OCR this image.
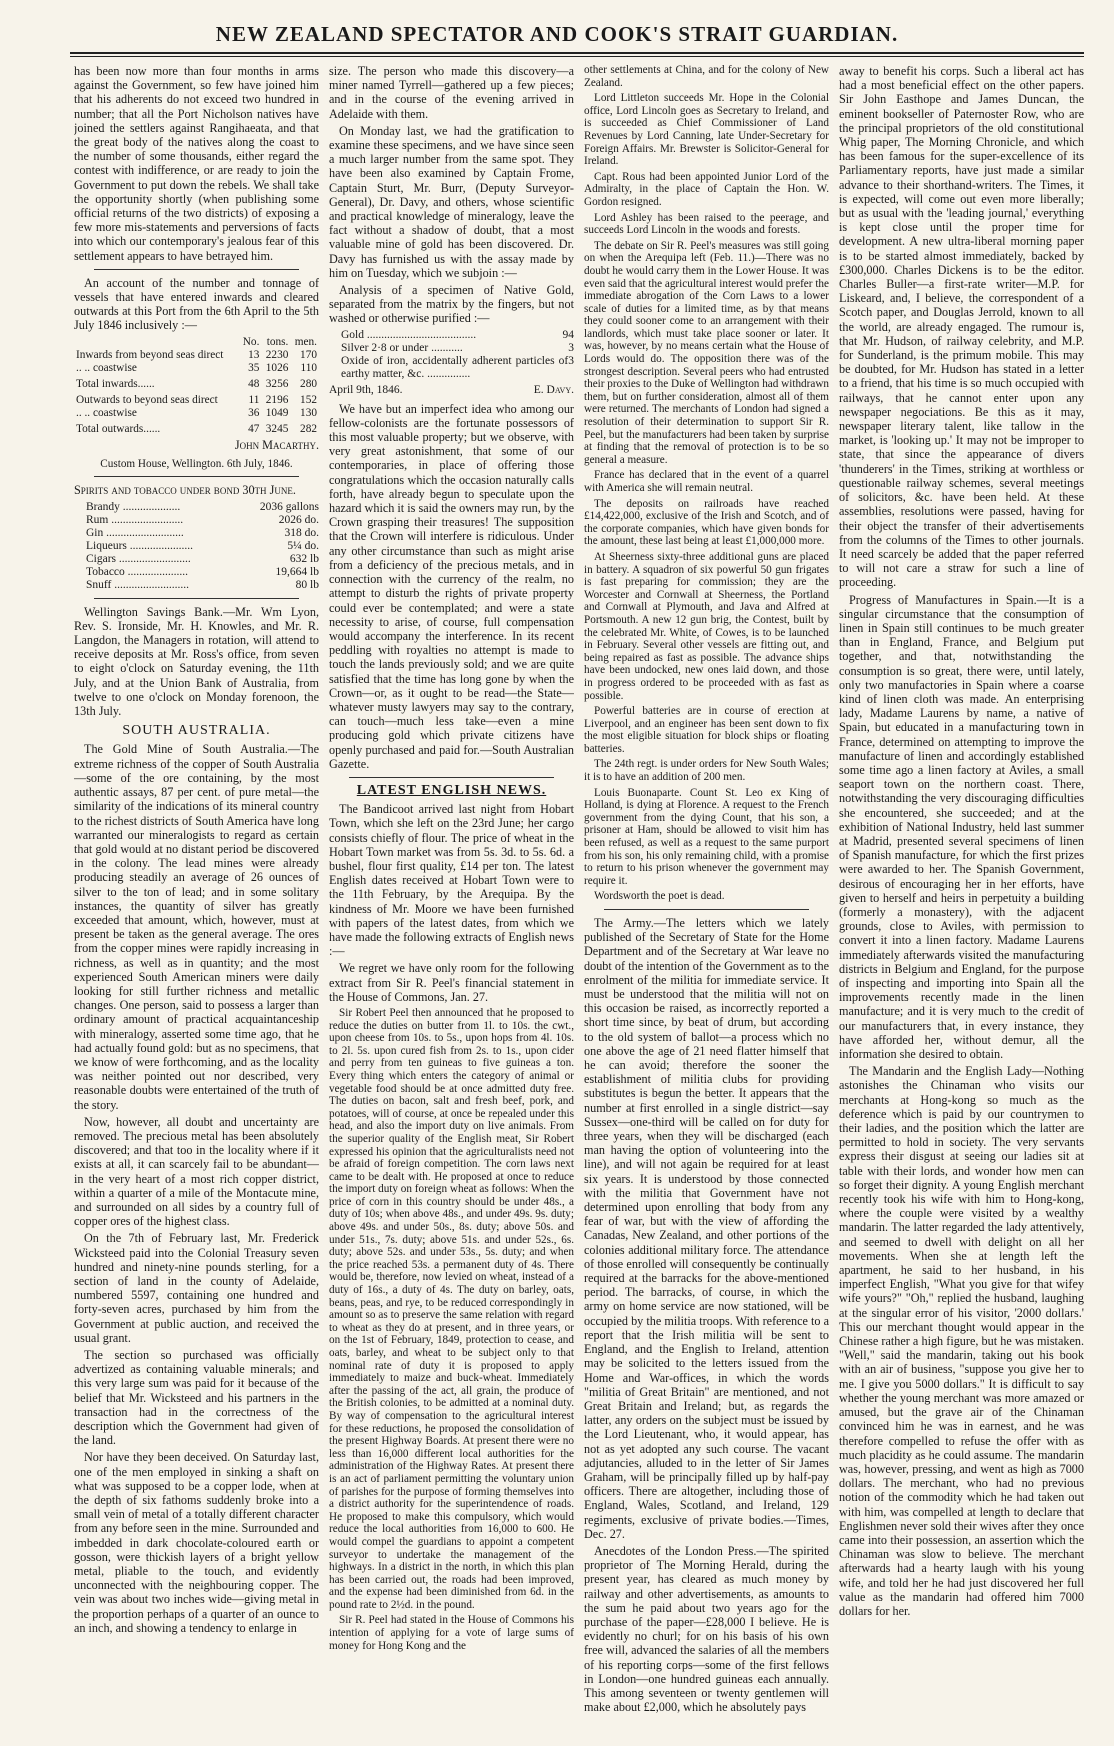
NEW ZEALAND SPECTATOR AND COOK'S STRAIT GUARDIAN.

has been now more than four months in arms against the Government, so few have joined him that his adherents do not exceed two hundred in number; that all the Port Nicholson natives have joined the settlers against Rangihaeata, and that the great body of the natives along the coast to the number of some thousands, either regard the contest with indifference, or are ready to join the Government to put down the rebels. We shall take the opportunity shortly (when publishing some official returns of the two districts) of exposing a few more mis-statements and perversions of facts into which our contemporary's jealous fear of this settlement appears to have betrayed him.

An account of the number and tonnage of vessels that have entered inwards and cleared outwards at this Port from the 6th April to the 5th July 1846 inclusively :—

	No.	tons.	men.
Inwards from beyond seas direct	13	2230	170
.. .. coastwise	35	1026	110
Total inwards......	48	3256	280
Outwards to beyond seas direct	11	2196	152
.. .. coastwise	36	1049	130
Total outwards......	47	3245	282
John Macarthy.
Custom House, Wellington. 6th July, 1846.

Spirits and tobacco under bond 30th June.

Brandy ....................	2036 gallons
Rum .........................	2026 do.
Gin ...........................	318 do.
Liqueurs ......................	5¼ do.
Cigars .........................	632 lb
Tobacco .....................	19,664 lb
Snuff ..........................	80 lb

Wellington Savings Bank.—Mr. Wm Lyon, Rev. S. Ironside, Mr. H. Knowles, and Mr. R. Langdon, the Managers in rotation, will attend to receive deposits at Mr. Ross's office, from seven to eight o'clock on Saturday evening, the 11th July, and at the Union Bank of Australia, from twelve to one o'clock on Monday forenoon, the 13th July.

SOUTH AUSTRALIA.

The Gold Mine of South Australia.—The extreme richness of the copper of South Australia—some of the ore containing, by the most authentic assays, 87 per cent. of pure metal—the similarity of the indications of its mineral country to the richest districts of South America have long warranted our mineralogists to regard as certain that gold would at no distant period be discovered in the colony. The lead mines were already producing steadily an average of 26 ounces of silver to the ton of lead; and in some solitary instances, the quantity of silver has greatly exceeded that amount, which, however, must at present be taken as the general average. The ores from the copper mines were rapidly increasing in richness, as well as in quantity; and the most experienced South American miners were daily looking for still further richness and metallic changes. One person, said to possess a larger than ordinary amount of practical acquaintanceship with mineralogy, asserted some time ago, that he had actually found gold: but as no specimens, that we know of were forthcoming, and as the locality was neither pointed out nor described, very reasonable doubts were entertained of the truth of the story.

Now, however, all doubt and uncertainty are removed. The precious metal has been absolutely discovered; and that too in the locality where if it exists at all, it can scarcely fail to be abundant—in the very heart of a most rich copper district, within a quarter of a mile of the Montacute mine, and surrounded on all sides by a country full of copper ores of the highest class.

On the 7th of February last, Mr. Frederick Wicksteed paid into the Colonial Treasury seven hundred and ninety-nine pounds sterling, for a section of land in the county of Adelaide, numbered 5597, containing one hundred and forty-seven acres, purchased by him from the Government at public auction, and received the usual grant.

The section so purchased was officially advertized as containing valuable minerals; and this very large sum was paid for it because of the belief that Mr. Wicksteed and his partners in the transaction had in the correctness of the description which the Government had given of the land.

Nor have they been deceived. On Saturday last, one of the men employed in sinking a shaft on what was supposed to be a copper lode, when at the depth of six fathoms suddenly broke into a small vein of metal of a totally different character from any before seen in the mine. Surrounded and imbedded in dark chocolate-coloured earth or gosson, were thickish layers of a bright yellow metal, pliable to the touch, and evidently unconnected with the neighbouring copper. The vein was about two inches wide—giving metal in the proportion perhaps of a quarter of an ounce to an inch, and showing a tendency to enlarge in

size. The person who made this discovery—a miner named Tyrrell—gathered up a few pieces; and in the course of the evening arrived in Adelaide with them.

On Monday last, we had the gratification to examine these specimens, and we have since seen a much larger number from the same spot. They have been also examined by Captain Frome, Captain Sturt, Mr. Burr, (Deputy Surveyor-General), Dr. Davy, and others, whose scientific and practical knowledge of mineralogy, leave the fact without a shadow of doubt, that a most valuable mine of gold has been discovered. Dr. Davy has furnished us with the assay made by him on Tuesday, which we subjoin :—

Analysis of a specimen of Native Gold, separated from the matrix by the fingers, but not washed or otherwise purified :—

Gold ......................................	94
Silver 2·8 or under ...........	3
Oxide of iron, accidentally adherent particles of earthy matter, &c. ...............
3
April 9th, 1846.	E. Davy.

We have but an imperfect idea who among our fellow-colonists are the fortunate possessors of this most valuable property; but we observe, with very great astonishment, that some of our contemporaries, in place of offering those congratulations which the occasion naturally calls forth, have already begun to speculate upon the hazard which it is said the owners may run, by the Crown grasping their treasures! The supposition that the Crown will interfere is ridiculous. Under any other circumstance than such as might arise from a deficiency of the precious metals, and in connection with the currency of the realm, no attempt to disturb the rights of private property could ever be contemplated; and were a state necessity to arise, of course, full compensation would accompany the interference. In its recent peddling with royalties no attempt is made to touch the lands previously sold; and we are quite satisfied that the time has long gone by when the Crown—or, as it ought to be read—the State—whatever musty lawyers may say to the contrary, can touch—much less take—even a mine producing gold which private citizens have openly purchased and paid for.—South Australian Gazette.

LATEST ENGLISH NEWS.

The Bandicoot arrived last night from Hobart Town, which she left on the 23rd June; her cargo consists chiefly of flour. The price of wheat in the Hobart Town market was from 5s. 3d. to 5s. 6d. a bushel, flour first quality, £14 per ton. The latest English dates received at Hobart Town were to the 11th February, by the Arequipa. By the kindness of Mr. Moore we have been furnished with papers of the latest dates, from which we have made the following extracts of English news :—

We regret we have only room for the following extract from Sir R. Peel's financial statement in the House of Commons, Jan. 27.

Sir Robert Peel then announced that he proposed to reduce the duties on butter from 1l. to 10s. the cwt., upon cheese from 10s. to 5s., upon hops from 4l. 10s. to 2l. 5s. upon cured fish from 2s. to 1s., upon cider and perry from ten guineas to five guineas a ton. Every thing which enters the category of animal or vegetable food should be at once admitted duty free. The duties on bacon, salt and fresh beef, pork, and potatoes, will of course, at once be repealed under this head, and also the import duty on live animals. From the superior quality of the English meat, Sir Robert expressed his opinion that the agriculturalists need not be afraid of foreign competition. The corn laws next came to be dealt with. He proposed at once to reduce the import duty on foreign wheat as follows: When the price of corn in this country should be under 48s., a duty of 10s; when above 48s., and under 49s. 9s. duty; above 49s. and under 50s., 8s. duty; above 50s. and under 51s., 7s. duty; above 51s. and under 52s., 6s. duty; above 52s. and under 53s., 5s. duty; and when the price reached 53s. a permanent duty of 4s. There would be, therefore, now levied on wheat, instead of a duty of 16s., a duty of 4s. The duty on barley, oats, beans, peas, and rye, to be reduced correspondingly in amount so as to preserve the same relation with regard to wheat as they do at present, and in three years, or on the 1st of February, 1849, protection to cease, and oats, barley, and wheat to be subject only to that nominal rate of duty it is proposed to apply immediately to maize and buck-wheat. Immediately after the passing of the act, all grain, the produce of the British colonies, to be admitted at a nominal duty. By way of compensation to the agricultural interest for these reductions, he proposed the consolidation of the present Highway Boards. At present there were no less than 16,000 different local authorities for the administration of the Highway Rates. At present there is an act of parliament permitting the voluntary union of parishes for the purpose of forming themselves into a district authority for the superintendence of roads. He proposed to make this compulsory, which would reduce the local authorities from 16,000 to 600. He would compel the guardians to appoint a competent surveyor to undertake the management of the highways. In a district in the north, in which this plan has been carried out, the roads had been improved, and the expense had been diminished from 6d. in the pound rate to 2½d. in the pound.

Sir R. Peel had stated in the House of Commons his intention of applying for a vote of large sums of money for Hong Kong and the

other settlements at China, and for the colony of New Zealand.

Lord Littleton succeeds Mr. Hope in the Colonial office, Lord Lincoln goes as Secretary to Ireland, and is succeeded as Chief Commissioner of Land Revenues by Lord Canning, late Under-Secretary for Foreign Affairs. Mr. Brewster is Solicitor-General for Ireland.

Capt. Rous had been appointed Junior Lord of the Admiralty, in the place of Captain the Hon. W. Gordon resigned.

Lord Ashley has been raised to the peerage, and succeeds Lord Lincoln in the woods and forests.

The debate on Sir R. Peel's measures was still going on when the Arequipa left (Feb. 11.)—There was no doubt he would carry them in the Lower House. It was even said that the agricultural interest would prefer the immediate abrogation of the Corn Laws to a lower scale of duties for a limited time, as by that means they could sooner come to an arrangement with their landlords, which must take place sooner or later. It was, however, by no means certain what the House of Lords would do. The opposition there was of the strongest description. Several peers who had entrusted their proxies to the Duke of Wellington had withdrawn them, but on further consideration, almost all of them were returned. The merchants of London had signed a resolution of their determination to support Sir R. Peel, but the manufacturers had been taken by surprise at finding that the removal of protection is to be so general a measure.

France has declared that in the event of a quarrel with America she will remain neutral.

The deposits on railroads have reached £14,422,000, exclusive of the Irish and Scotch, and of the corporate companies, which have given bonds for the amount, these last being at least £1,000,000 more.

At Sheerness sixty-three additional guns are placed in battery. A squadron of six powerful 50 gun frigates is fast preparing for commission; they are the Worcester and Cornwall at Sheerness, the Portland and Cornwall at Plymouth, and Java and Alfred at Portsmouth. A new 12 gun brig, the Contest, built by the celebrated Mr. White, of Cowes, is to be launched in February. Several other vessels are fitting out, and being repaired as fast as possible. The advance ships have been undocked, new ones laid down, and those in progress ordered to be proceeded with as fast as possible.

Powerful batteries are in course of erection at Liverpool, and an engineer has been sent down to fix the most eligible situation for block ships or floating batteries.

The 24th regt. is under orders for New South Wales; it is to have an addition of 200 men.

Louis Buonaparte. Count St. Leo ex King of Holland, is dying at Florence. A request to the French government from the dying Count, that his son, a prisoner at Ham, should be allowed to visit him has been refused, as well as a request to the same purport from his son, his only remaining child, with a promise to return to his prison whenever the government may require it.

Wordsworth the poet is dead.

The Army.—The letters which we lately published of the Secretary of State for the Home Department and of the Secretary at War leave no doubt of the intention of the Government as to the enrolment of the militia for immediate service. It must be understood that the militia will not on this occasion be raised, as incorrectly reported a short time since, by beat of drum, but according to the old system of ballot—a process which no one above the age of 21 need flatter himself that he can avoid; therefore the sooner the establishment of militia clubs for providing substitutes is begun the better. It appears that the number at first enrolled in a single district—say Sussex—one-third will be called on for duty for three years, when they will be discharged (each man having the option of volunteering into the line), and will not again be required for at least six years. It is understood by those connected with the militia that Government have not determined upon enrolling that body from any fear of war, but with the view of affording the Canadas, New Zealand, and other portions of the colonies additional military force. The attendance of those enrolled will consequently be continually required at the barracks for the above-mentioned period. The barracks, of course, in which the army on home service are now stationed, will be occupied by the militia troops. With reference to a report that the Irish militia will be sent to England, and the English to Ireland, attention may be solicited to the letters issued from the Home and War-offices, in which the words "militia of Great Britain" are mentioned, and not Great Britain and Ireland; but, as regards the latter, any orders on the subject must be issued by the Lord Lieutenant, who, it would appear, has not as yet adopted any such course. The vacant adjutancies, alluded to in the letter of Sir James Graham, will be principally filled up by half-pay officers. There are altogether, including those of England, Wales, Scotland, and Ireland, 129 regiments, exclusive of private bodies.—Times, Dec. 27.

Anecdotes of the London Press.—The spirited proprietor of The Morning Herald, during the present year, has cleared as much money by railway and other advertisements, as amounts to the sum he paid about two years ago for the purchase of the paper—£28,000 I believe. He is evidently no churl; for on his basis of his own free will, advanced the salaries of all the members of his reporting corps—some of the first fellows in London—one hundred guineas each annually. This among seventeen or twenty gentlemen will make about £2,000, which he absolutely pays

away to benefit his corps. Such a liberal act has had a most beneficial effect on the other papers. Sir John Easthope and James Duncan, the eminent bookseller of Paternoster Row, who are the principal proprietors of the old constitutional Whig paper, The Morning Chronicle, and which has been famous for the super-excellence of its Parliamentary reports, have just made a similar advance to their shorthand-writers. The Times, it is expected, will come out even more liberally; but as usual with the 'leading journal,' everything is kept close until the proper time for development. A new ultra-liberal morning paper is to be started almost immediately, backed by £300,000. Charles Dickens is to be the editor. Charles Buller—a first-rate writer—M.P. for Liskeard, and, I believe, the correspondent of a Scotch paper, and Douglas Jerrold, known to all the world, are already engaged. The rumour is, that Mr. Hudson, of railway celebrity, and M.P. for Sunderland, is the primum mobile. This may be doubted, for Mr. Hudson has stated in a letter to a friend, that his time is so much occupied with railways, that he cannot enter upon any newspaper negociations. Be this as it may, newspaper literary talent, like tallow in the market, is 'looking up.' It may not be improper to state, that since the appearance of divers 'thunderers' in the Times, striking at worthless or questionable railway schemes, several meetings of solicitors, &c. have been held. At these assemblies, resolutions were passed, having for their object the transfer of their advertisements from the columns of the Times to other journals. It need scarcely be added that the paper referred to will not care a straw for such a line of proceeding.

Progress of Manufactures in Spain.—It is a singular circumstance that the consumption of linen in Spain still continues to be much greater than in England, France, and Belgium put together, and that, notwithstanding the consumption is so great, there were, until lately, only two manufactories in Spain where a coarse kind of linen cloth was made. An enterprising lady, Madame Laurens by name, a native of Spain, but educated in a manufacturing town in France, determined on attempting to improve the manufacture of linen and accordingly established some time ago a linen factory at Aviles, a small seaport town on the northern coast. There, notwithstanding the very discouraging difficulties she encountered, she succeeded; and at the exhibition of National Industry, held last summer at Madrid, presented several specimens of linen of Spanish manufacture, for which the first prizes were awarded to her. The Spanish Government, desirous of encouraging her in her efforts, have given to herself and heirs in perpetuity a building (formerly a monastery), with the adjacent grounds, close to Aviles, with permission to convert it into a linen factory. Madame Laurens immediately afterwards visited the manufacturing districts in Belgium and England, for the purpose of inspecting and importing into Spain all the improvements recently made in the linen manufacture; and it is very much to the credit of our manufacturers that, in every instance, they have afforded her, without demur, all the information she desired to obtain.

The Mandarin and the English Lady—Nothing astonishes the Chinaman who visits our merchants at Hong-kong so much as the deference which is paid by our countrymen to their ladies, and the position which the latter are permitted to hold in society. The very servants express their disgust at seeing our ladies sit at table with their lords, and wonder how men can so forget their dignity. A young English merchant recently took his wife with him to Hong-kong, where the couple were visited by a wealthy mandarin. The latter regarded the lady attentively, and seemed to dwell with delight on all her movements. When she at length left the apartment, he said to her husband, in his imperfect English, "What you give for that wifey wife yours?" "Oh," replied the husband, laughing at the singular error of his visitor, '2000 dollars.' This our merchant thought would appear in the Chinese rather a high figure, but he was mistaken. "Well," said the mandarin, taking out his book with an air of business, "suppose you give her to me. I give you 5000 dollars." It is difficult to say whether the young merchant was more amazed or amused, but the grave air of the Chinaman convinced him he was in earnest, and he was therefore compelled to refuse the offer with as much placidity as he could assume. The mandarin was, however, pressing, and went as high as 7000 dollars. The merchant, who had no previous notion of the commodity which he had taken out with him, was compelled at length to declare that Englishmen never sold their wives after they once came into their possession, an assertion which the Chinaman was slow to believe. The merchant afterwards had a hearty laugh with his young wife, and told her he had just discovered her full value as the mandarin had offered him 7000 dollars for her.
